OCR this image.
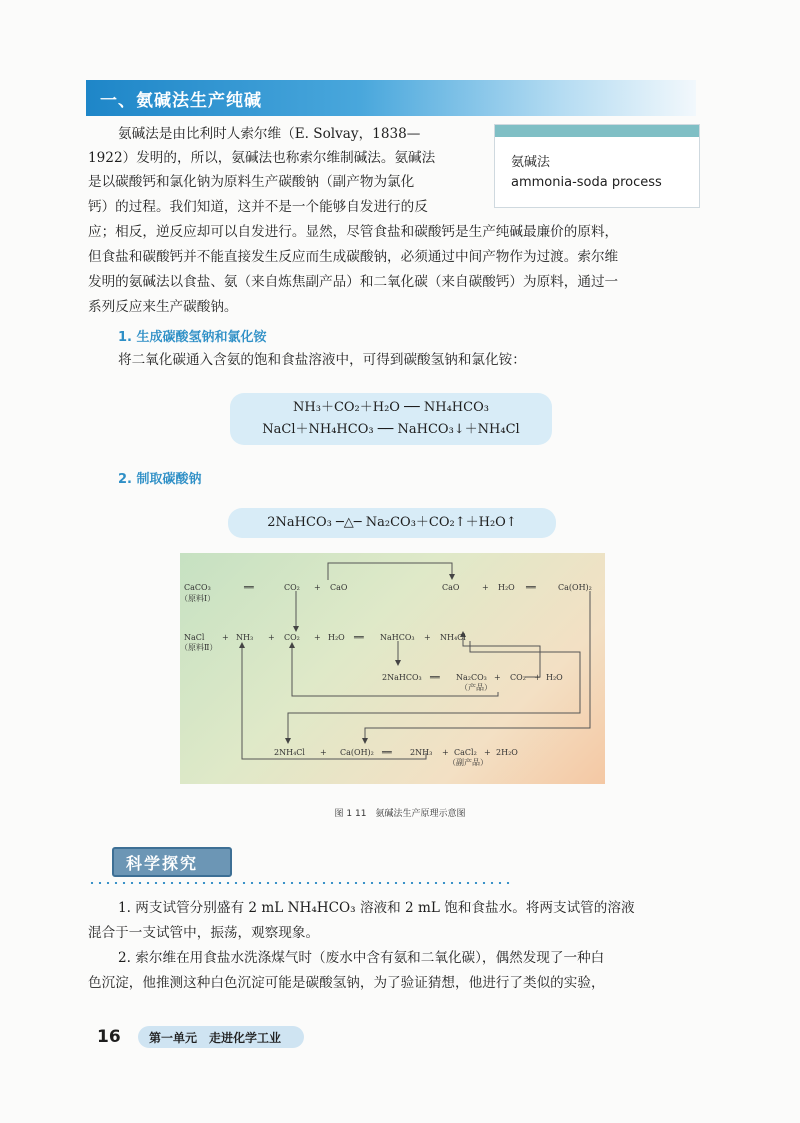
一、氨碱法生产纯碱
氨碱法
ammonia-soda process
氨碱法是由比利时人索尔维（E. Solvay，1838—
1922）发明的，所以，氨碱法也称索尔维制碱法。氨碱法
是以碳酸钙和氯化钠为原料生产碳酸钠（副产物为氯化
钙）的过程。我们知道，这并不是一个能够自发进行的反
应；相反，逆反应却可以自发进行。显然，尽管食盐和碳酸钙是生产纯碱最廉价的原料，
但食盐和碳酸钙并不能直接发生反应而生成碳酸钠，必须通过中间产物作为过渡。索尔维
发明的氨碱法以食盐、氨（来自炼焦副产品）和二氧化碳（来自碳酸钙）为原料，通过一
系列反应来生产碳酸钠。
1. 生成碳酸氢钠和氯化铵
将二氧化碳通入含氨的饱和食盐溶液中，可得到碳酸氢钠和氯化铵：
NH₃＋CO₂＋H₂O ── NH₄HCO₃
NaCl＋NH₄HCO₃ ── NaHCO₃↓＋NH₄Cl
2. 制取碳酸钠
2NaHCO₃ ─△─ Na₂CO₃＋CO₂↑＋H₂O↑
CaCO₃
（原料Ⅰ）
══	CO₂ + CaO	CaO	+ H₂O ══	Ca(OH)₂
NaCl
（原料Ⅱ）
+ NH₃ + CO₂ + H₂O ══ NaHCO₃ + NH₄Cl
2NaHCO₃ ══ Na₂CO₃ + CO₂ + H₂O
（产品）
2NH₄Cl + Ca(OH)₂ ══ 2NH₃ + CaCl₂ + 2H₂O
（副产品）
图 1 11　氨碱法生产原理示意图
科学探究
1. 两支试管分别盛有 2 mL NH₄HCO₃ 溶液和 2 mL 饱和食盐水。将两支试管的溶液
混合于一支试管中，振荡，观察现象。
2. 索尔维在用食盐水洗涤煤气时（废水中含有氨和二氧化碳），偶然发现了一种白
色沉淀，他推测这种白色沉淀可能是碳酸氢钠，为了验证猜想，他进行了类似的实验，
16 第一单元　走进化学工业
